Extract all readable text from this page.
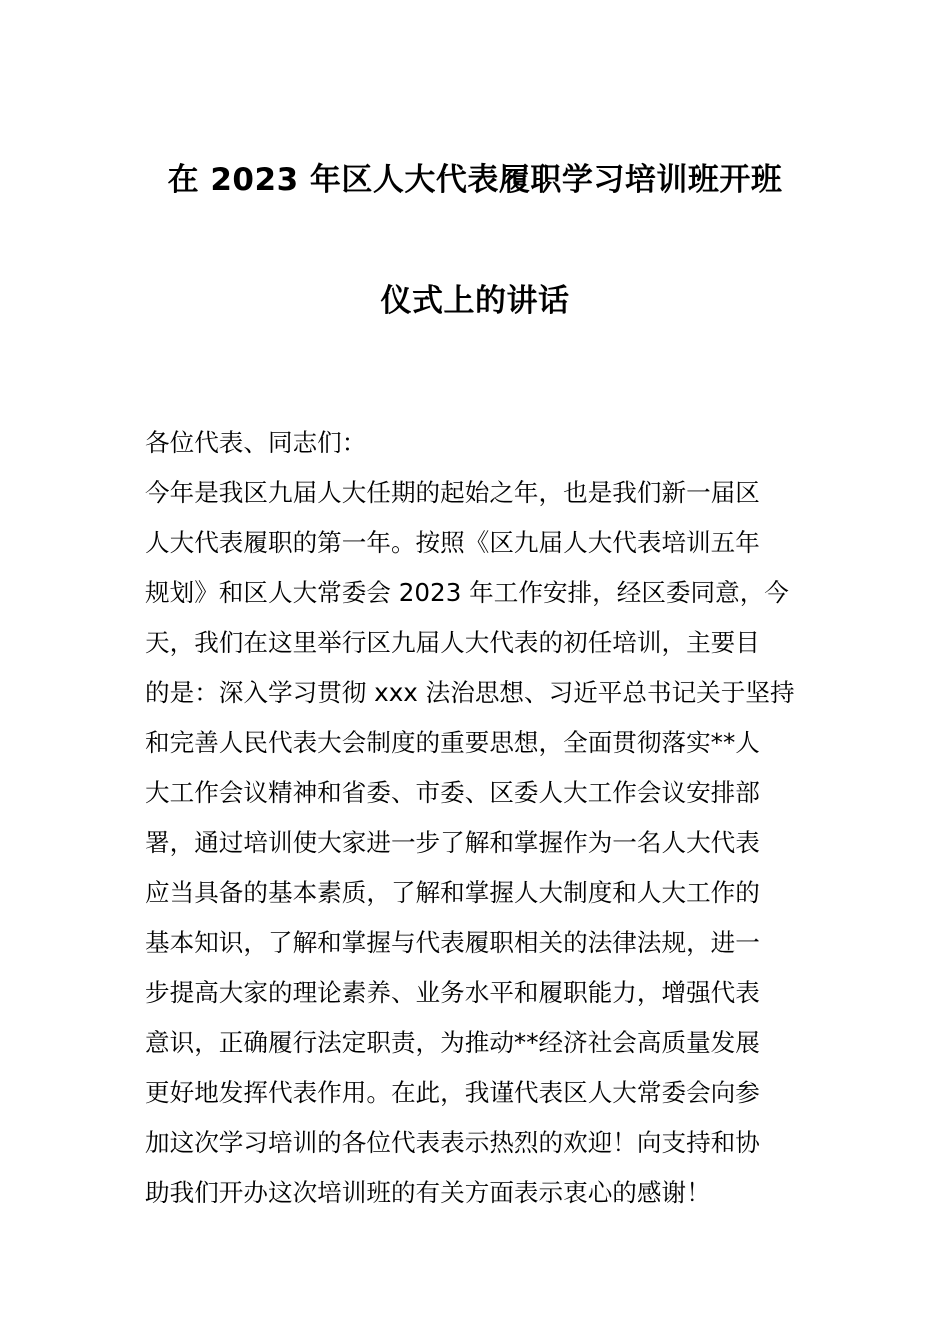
在 2023 年区人大代表履职学习培训班开班
仪式上的讲话
各位代表、同志们：
今年是我区九届人大任期的起始之年，也是我们新一届区
人大代表履职的第一年。按照《区九届人大代表培训五年
规划》和区人大常委会 2023 年工作安排，经区委同意，今
天，我们在这里举行区九届人大代表的初任培训，主要目
的是：深入学习贯彻 xxx 法治思想、习近平总书记关于坚持
和完善人民代表大会制度的重要思想，全面贯彻落实**人
大工作会议精神和省委、市委、区委人大工作会议安排部
署，通过培训使大家进一步了解和掌握作为一名人大代表
应当具备的基本素质，了解和掌握人大制度和人大工作的
基本知识，了解和掌握与代表履职相关的法律法规，进一
步提高大家的理论素养、业务水平和履职能力，增强代表
意识，正确履行法定职责，为推动**经济社会高质量发展
更好地发挥代表作用。在此，我谨代表区人大常委会向参
加这次学习培训的各位代表表示热烈的欢迎！向支持和协
助我们开办这次培训班的有关方面表示衷心的感谢！
